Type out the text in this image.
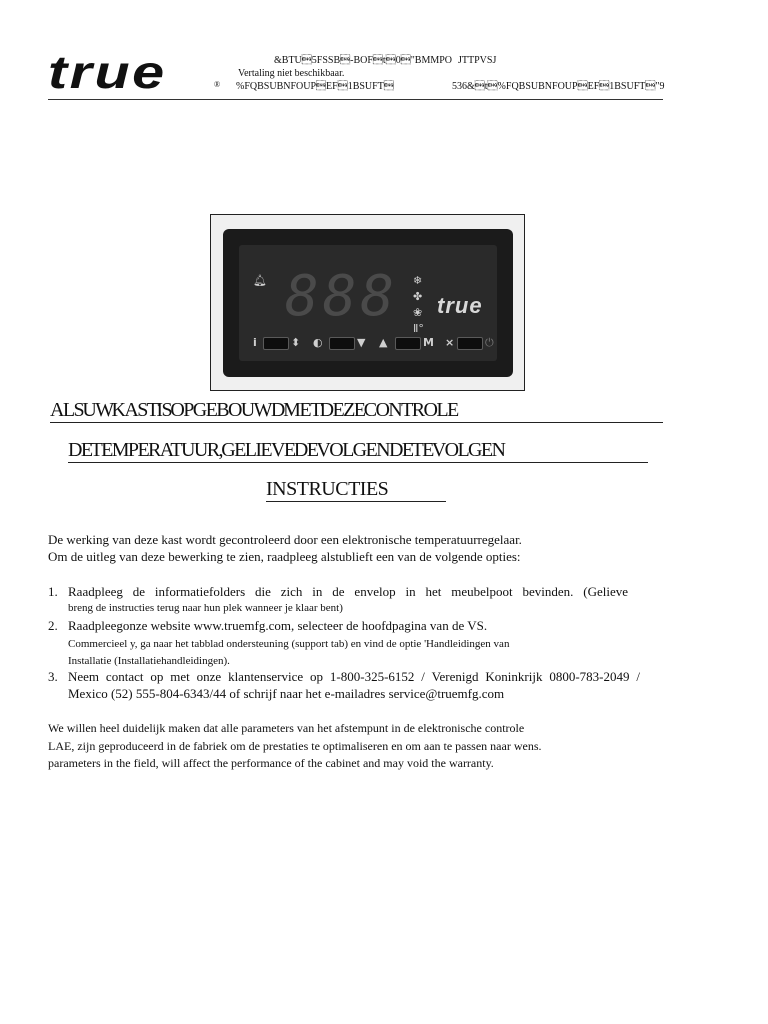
true	®
&BTU5FSSB-BOFt0"BMMPO JTTPVSJ
Vertaling niet beschikbaar.
%FQBSUBNFOUPEF1BSUFT	536&t%FQBSUBNFOUPEF1BSUFT"9
🔔︎ 888 ❄
✤
❀
Ⅱ°
true
i	⬍ ◐	▼ ▲	M ×	⏻
ALS UW KAST IS OPGEBOUWD MET DEZE CONTROLE
DE TEMPERATUUR, GELIEVE DE VOLGENDE TE VOLGEN
INSTRUCTIES
De werking van deze kast wordt gecontroleerd door een elektronische temperatuurregelaar.
Om de uitleg van deze bewerking te zien, raadpleeg alstublieft een van de volgende opties:
1. Raadpleeg de informatiefolders die zich in de envelop in het meubelpoot bevinden. (Gelieve
breng de instructies terug naar hun plek wanneer je klaar bent)
2. Raadpleegonze website www.truemfg.com, selecteer de hoofdpagina van de VS.
Commercieel y, ga naar het tabblad ondersteuning (support tab) en vind de optie 'Handleidingen van
Installatie (Installatiehandleidingen).
3. Neem contact op met onze klantenservice op 1-800-325-6152 / Verenigd Koninkrijk 0800-783-2049 /
Mexico (52) 555-804-6343/44 of schrijf naar het e-mailadres service@truemfg.com
We willen heel duidelijk maken dat alle parameters van het afstempunt in de elektronische controle
LAE, zijn geproduceerd in de fabriek om de prestaties te optimaliseren en om aan te passen naar wens.
parameters in the field, will affect the performance of the cabinet and may void the warranty.
